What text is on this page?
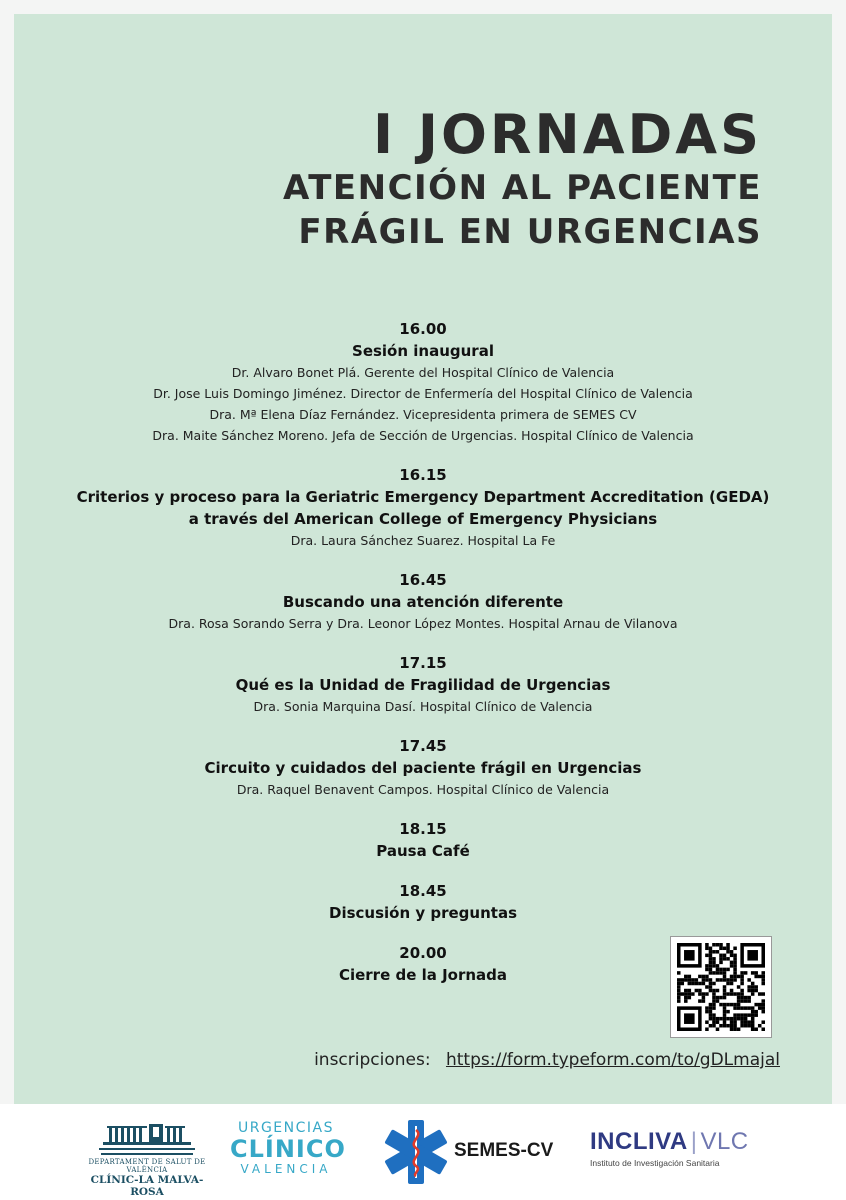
I JORNADAS
ATENCIÓN AL PACIENTE
FRÁGIL EN URGENCIAS
16.00
Sesión inaugural
Dr. Alvaro Bonet Plá. Gerente del Hospital Clínico de Valencia
Dr. Jose Luis Domingo Jiménez. Director de Enfermería del Hospital Clínico de Valencia
Dra. Mª Elena Díaz Fernández. Vicepresidenta primera de SEMES CV
Dra. Maite Sánchez Moreno. Jefa de Sección de Urgencias. Hospital Clínico de Valencia
16.15
Criterios y proceso para la Geriatric Emergency Department Accreditation (GEDA)
a través del American College of Emergency Physicians
Dra. Laura Sánchez Suarez. Hospital La Fe
16.45
Buscando una atención diferente
Dra. Rosa Sorando Serra y Dra. Leonor López Montes. Hospital Arnau de Vilanova
17.15
Qué es la Unidad de Fragilidad de Urgencias
Dra. Sonia Marquina Dasí. Hospital Clínico de Valencia
17.45
Circuito y cuidados del paciente frágil en Urgencias
Dra. Raquel Benavent Campos. Hospital Clínico de Valencia
18.15
Pausa Café
18.45
Discusión y preguntas
20.00
Cierre de la Jornada
inscripciones: https://form.typeform.com/to/gDLmajal
DEPARTAMENT DE SALUT DE VALÈNCIA
CLÍNIC-LA MALVA-ROSA
URGENCIAS
CLÍNICO
VALENCIA
SEMES-CV INCLIVA | VLC
Instituto de Investigación Sanitaria
